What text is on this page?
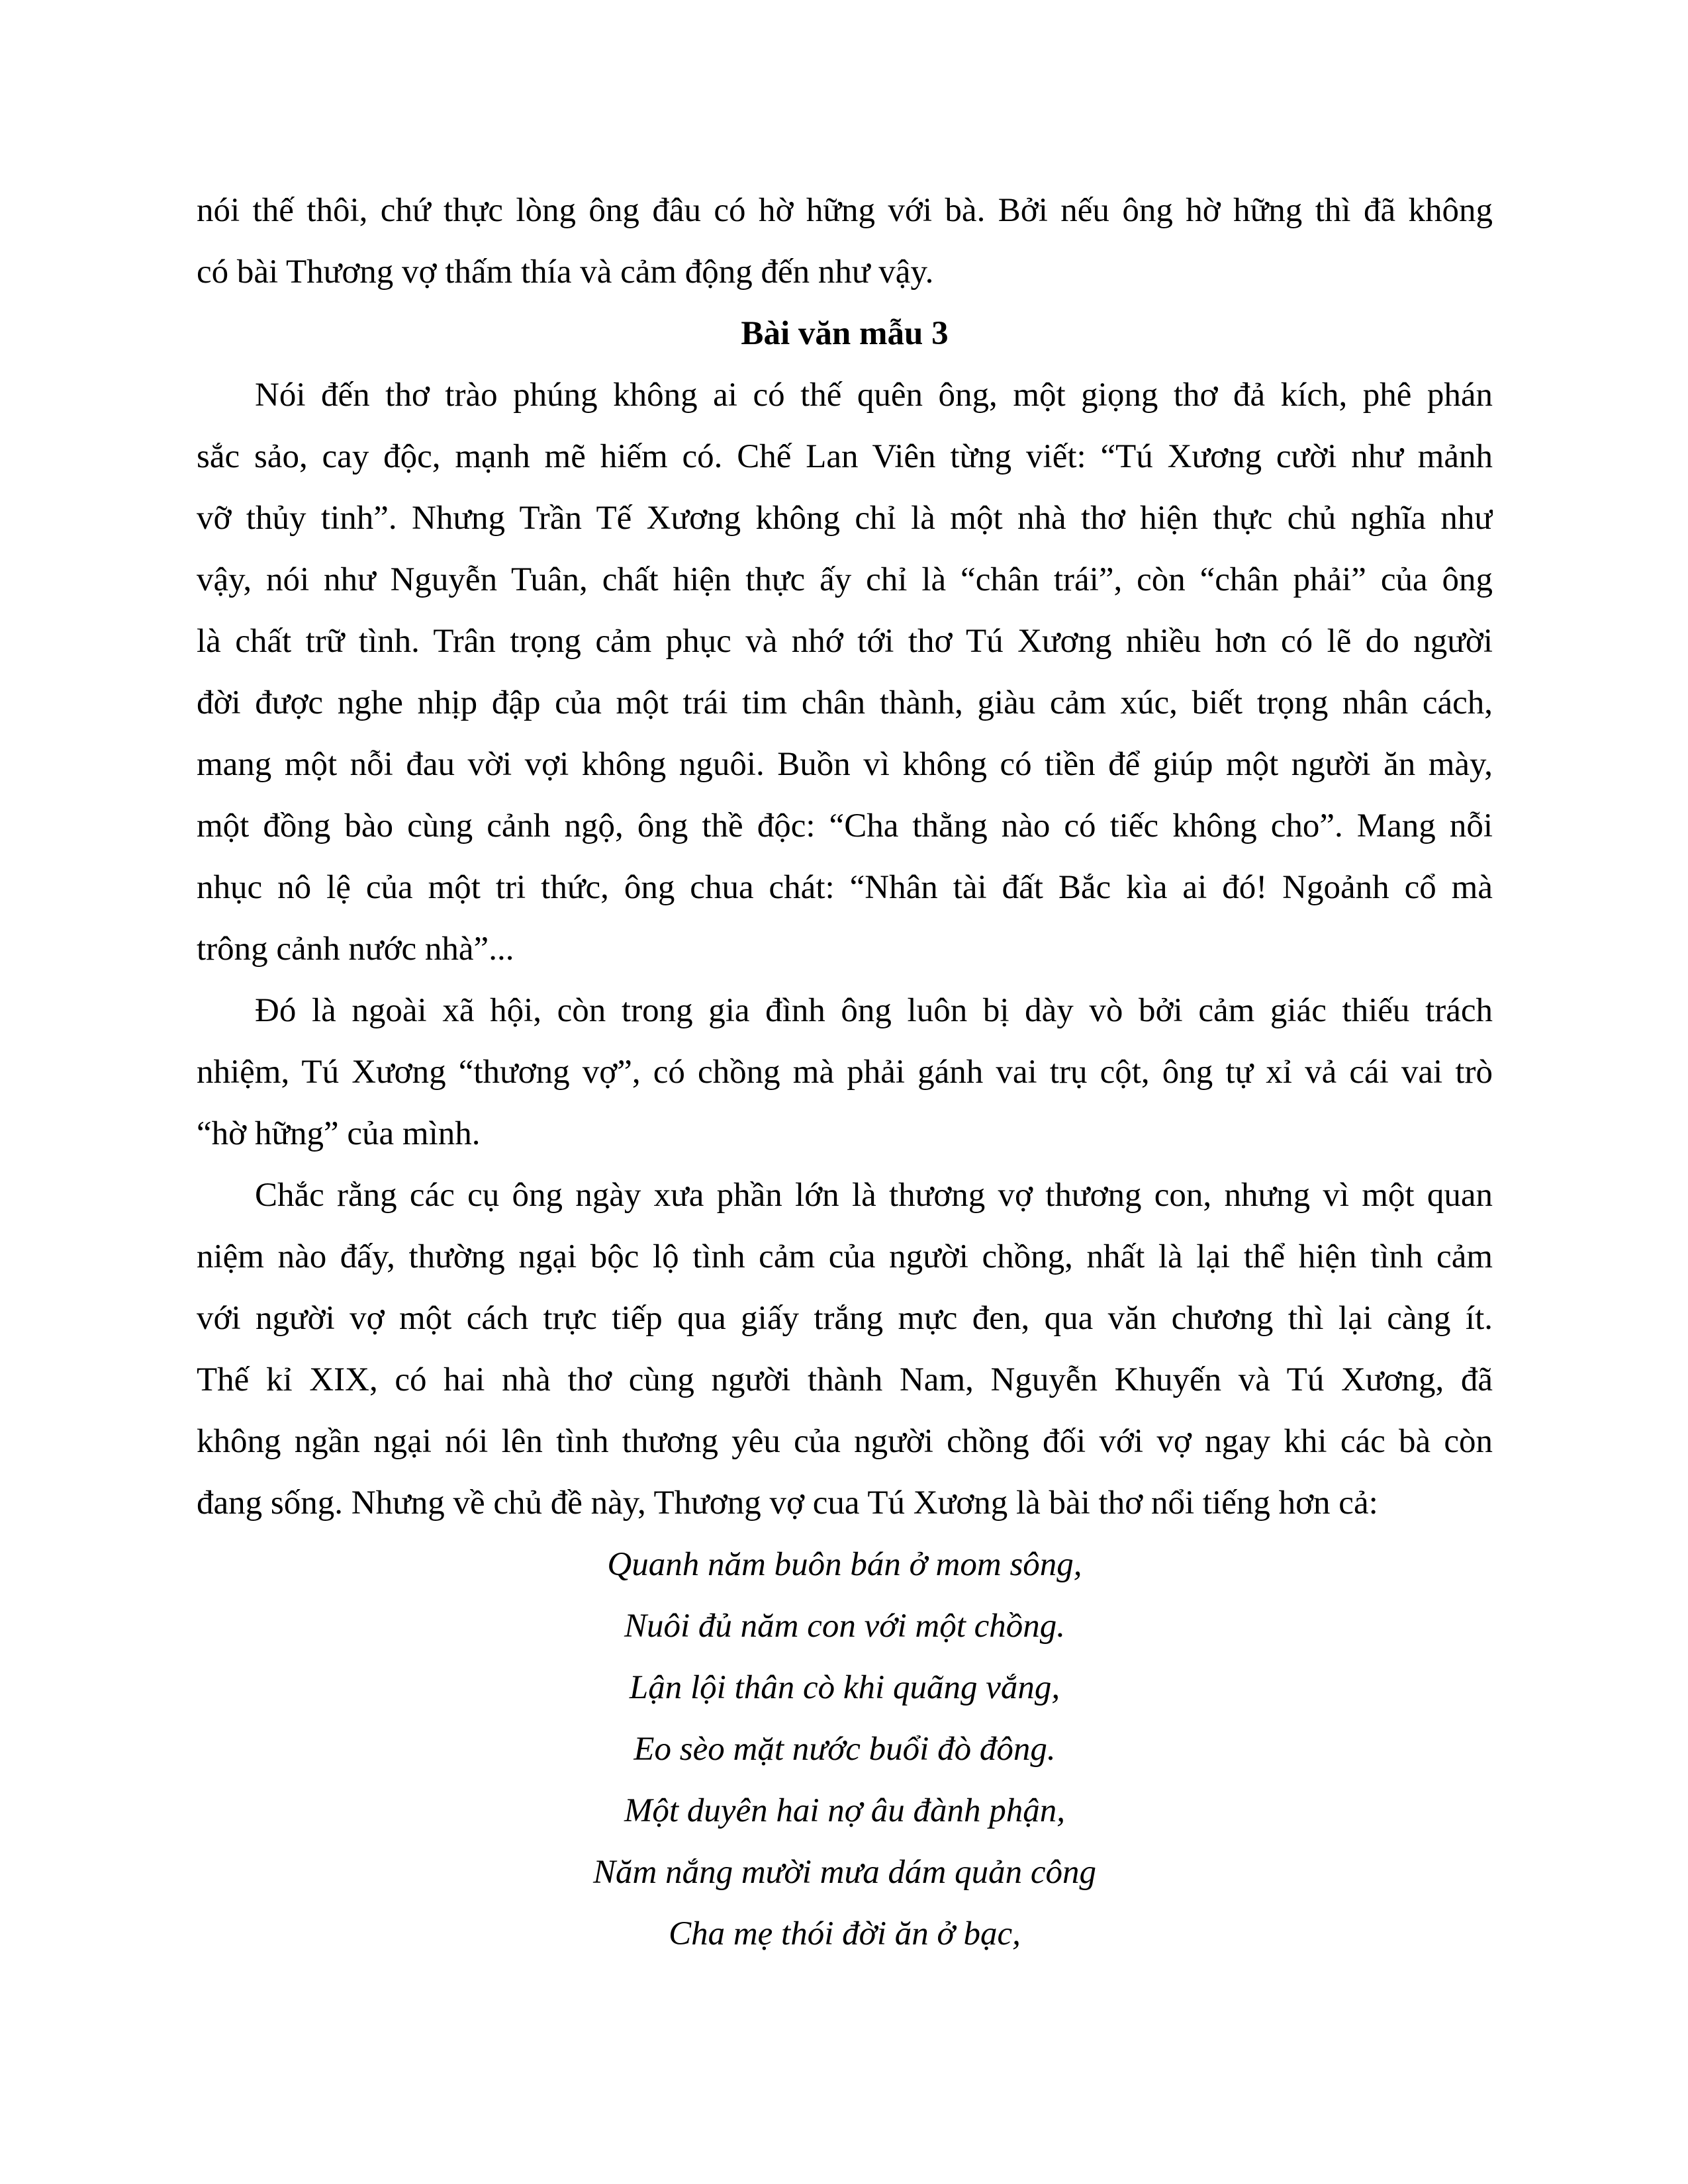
nói thế thôi, chứ thực lòng ông đâu có hờ hững với bà. Bởi nếu ông hờ hững thì đã không
có bài Thương vợ thấm thía và cảm động đến như vậy.
Bài văn mẫu 3
Nói đến thơ trào phúng không ai có thế quên ông, một giọng thơ đả kích, phê phán
sắc sảo, cay độc, mạnh mẽ hiếm có. Chế Lan Viên từng viết: “Tú Xương cười như mảnh
vỡ thủy tinh”. Nhưng Trần Tế Xương không chỉ là một nhà thơ hiện thực chủ nghĩa như
vậy, nói như Nguyễn Tuân, chất hiện thực ấy chỉ là “chân trái”, còn “chân phải” của ông
là chất trữ tình. Trân trọng cảm phục và nhớ tới thơ Tú Xương nhiều hơn có lẽ do người
đời được nghe nhịp đập của một trái tim chân thành, giàu cảm xúc, biết trọng nhân cách,
mang một nỗi đau vời vợi không nguôi. Buồn vì không có tiền để giúp một người ăn mày,
một đồng bào cùng cảnh ngộ, ông thề độc: “Cha thằng nào có tiếc không cho”. Mang nỗi
nhục nô lệ của một tri thức, ông chua chát: “Nhân tài đất Bắc kìa ai đó! Ngoảnh cổ mà
trông cảnh nước nhà”...
Đó là ngoài xã hội, còn trong gia đình ông luôn bị dày vò bởi cảm giác thiếu trách
nhiệm, Tú Xương “thương vợ”, có chồng mà phải gánh vai trụ cột, ông tự xỉ vả cái vai trò
“hờ hững” của mình.
Chắc rằng các cụ ông ngày xưa phần lớn là thương vợ thương con, nhưng vì một quan
niệm nào đấy, thường ngại bộc lộ tình cảm của người chồng, nhất là lại thể hiện tình cảm
với người vợ một cách trực tiếp qua giấy trắng mực đen, qua văn chương thì lại càng ít.
Thế kỉ XIX, có hai nhà thơ cùng người thành Nam, Nguyễn Khuyến và Tú Xương, đã
không ngần ngại nói lên tình thương yêu của người chồng đối với vợ ngay khi các bà còn
đang sống. Nhưng về chủ đề này, Thương vợ cua Tú Xương là bài thơ nổi tiếng hơn cả:
Quanh năm buôn bán ở mom sông,
Nuôi đủ năm con với một chồng.
Lận lội thân cò khi quãng vắng,
Eo sèo mặt nước buổi đò đông.
Một duyên hai nợ âu đành phận,
Năm nắng mười mưa dám quản công
Cha mẹ thói đời ăn ở bạc,
